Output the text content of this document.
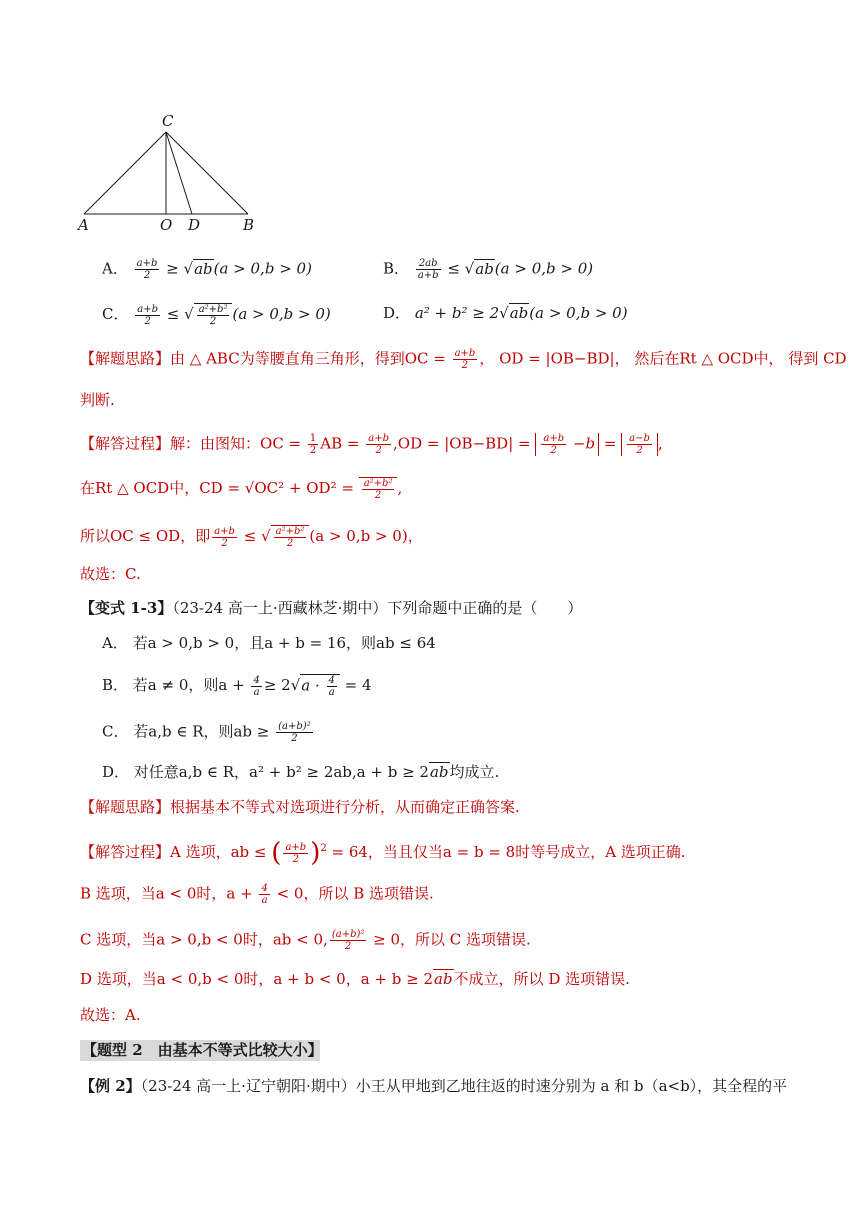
C
A	O D	B
A． $\frac{a+b}{2} \ge √ab(a > 0,b > 0)$	B． $\frac{2ab}{a+b} \le √ab(a > 0,b > 0)$
C． $\frac{a+b}{2}$ ≤ √ $\frac{\text{a²+b²}}{2} (a > 0,b > 0)$	D． a² + b² ≥ 2√ab(a > 0,b > 0)
【解题思路】由 △ ABC为等腰直角三角形，得到OC = $\frac{a+b}{2}$ ， OD = |OB−BD|， 然后在Rt △ OCD中， 得到 CD
判断.
【解答过程】解：由图知：OC = $\frac{1}{2}$ AB = $\frac{a+b}{2} ,OD = |OB-BD| = \frac{a+b}{2} -b = \frac{a-b}{2}$ ,
在Rt △ OCD中，CD = $√OC^2 + OD^2 = \frac{\text{a²+b²}}{2}$ ,
所以OC ≤ OD，即 $\frac{a+b}{2}$ ≤ √ $\frac{\text{a²+b²}}{2} (a > 0,b > 0)$，
故选：C.
【变式 1-3】（23-24 高一上·西藏林芝·期中）下列命题中正确的是（　　）
A． 若a > 0,b > 0，且a + b = 16，则ab ≤ 64
B． 若a ≠ 0，则$a + \frac{4}{a} \ge 2√a \cdot \frac{4}{a} = 4$
C． 若a,b ∈ R，则ab ≥ $\frac{\text{(a+b)²}}{2}$
D． 对任意a,b ∈ R，a² + b² ≥ 2ab,a + b ≥ 2ab均成立.
【解题思路】根据基本不等式对选项进行分析，从而确定正确答案.
【解答过程】A 选项，ab ≤ ( $\frac{a+b}{2} )^2 = 64$，当且仅当a = b = 8时等号成立，A 选项正确.
B 选项，当a < 0时，$a + \frac{4}{a} < 0$，所以 B 选项错误.
C 选项，当a > 0,b < 0时，ab < 0, $\frac{\text{(a+b)²}}{2} \ge 0$，所以 C 选项错误.
D 选项，当a < 0,b < 0时，a + b < 0，a + b ≥ 2ab不成立，所以 D 选项错误.
故选：A.
【题型 2　由基本不等式比较大小】
【例 2】（23-24 高一上·辽宁朝阳·期中）小王从甲地到乙地往返的时速分别为 a 和 b（a<b），其全程的平
